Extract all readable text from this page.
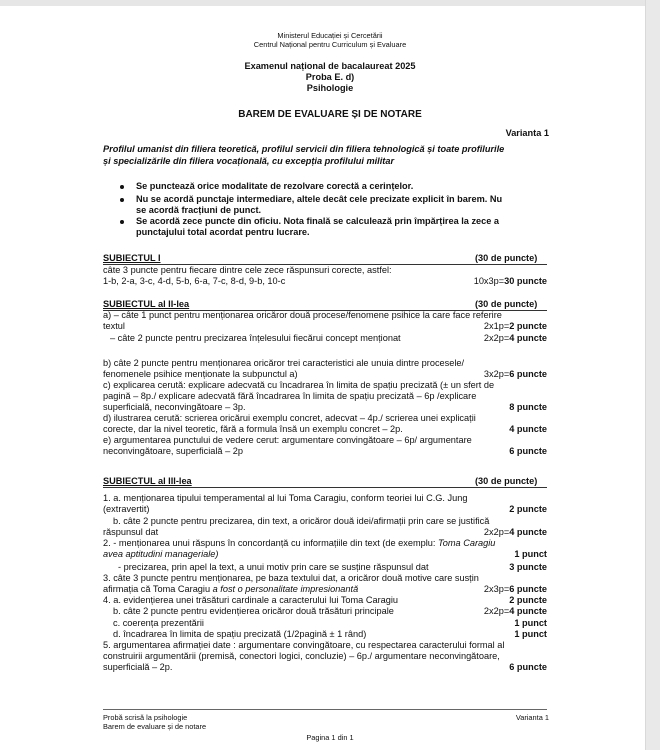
Ministerul Educației și Cercetării
Centrul Național pentru Curriculum și Evaluare
Examenul național de bacalaureat 2025
Proba E. d)
Psihologie
BAREM DE EVALUARE ȘI DE NOTARE
Varianta 1
Profilul umanist din filiera teoretică, profilul servicii din filiera tehnologică și toate profilurile
și specializările din filiera vocațională, cu excepția profilului militar
Se punctează orice modalitate de rezolvare corectă a cerințelor.
Nu se acordă punctaje intermediare, altele decât cele precizate explicit în barem. Nu
se acordă fracțiuni de punct.
Se acordă zece puncte din oficiu. Nota finală se calculează prin împărțirea la zece a
punctajului total acordat pentru lucrare.
SUBIECTUL I	(30 de puncte)
câte 3 puncte pentru fiecare dintre cele zece răspunsuri corecte, astfel:
1-b, 2-a, 3-c, 4-d, 5-b, 6-a, 7-c, 8-d, 9-b, 10-c	10x3p=30 puncte
SUBIECTUL al II-lea	(30 de puncte)
a) – câte 1 punct pentru menționarea oricăror două procese/fenomene psihice la care face referire
textul	2x1p=2 puncte
– câte 2 puncte pentru precizarea înțelesului fiecărui concept menționat	2x2p=4 puncte
b) câte 2 puncte pentru menționarea oricăror trei caracteristici ale unuia dintre procesele/
fenomenele psihice menționate la subpunctul a)	3x2p=6 puncte
c) explicarea cerută: explicare adecvată cu încadrarea în limita de spațiu precizată (± un sfert de
pagină – 8p./ explicare adecvată fără încadrarea în limita de spațiu precizată – 6p /explicare
superficială, neconvingătoare – 3p.	8 puncte
d) ilustrarea cerută: scrierea oricărui exemplu concret, adecvat – 4p./ scrierea unei explicații
corecte, dar la nivel teoretic, fără a formula însă un exemplu concret – 2p.	4 puncte
e) argumentarea punctului de vedere cerut: argumentare convingătoare – 6p/ argumentare
neconvingătoare, superficială – 2p	6 puncte
SUBIECTUL al III-lea	(30 de puncte)
1. a. menționarea tipului temperamental al lui Toma Caragiu, conform teoriei lui C.G. Jung
(extravertit)	2 puncte
b. câte 2 puncte pentru precizarea, din text, a oricăror două idei/afirmații prin care se justifică
răspunsul dat	2x2p=4 puncte
2. - menționarea unui răspuns în concordanță cu informațiile din text (de exemplu: Toma Caragiu
avea aptitudini manageriale)	1 punct
- precizarea, prin apel la text, a unui motiv prin care se susține răspunsul dat	3 puncte
3. câte 3 puncte pentru menționarea, pe baza textului dat, a oricăror două motive care susțin
afirmația că Toma Caragiu a fost o personalitate impresionantă	2x3p=6 puncte
4. a. evidențierea unei trăsături cardinale a caracterului lui Toma Caragiu	2 puncte
b. câte 2 puncte pentru evidențierea oricăror două trăsături principale	2x2p=4 puncte
c. coerența prezentării	1 punct
d. încadrarea în limita de spațiu precizată (1/2pagină ± 1 rând)	1 punct
5. argumentarea afirmației date : argumentare convingătoare, cu respectarea caracterului formal al
construirii argumentării (premisă, conectori logici, concluzie) – 6p./ argumentare neconvingătoare,
superficială – 2p.	6 puncte
Probă scrisă la psihologie
Barem de evaluare și de notare
Varianta 1
Pagina 1 din 1
